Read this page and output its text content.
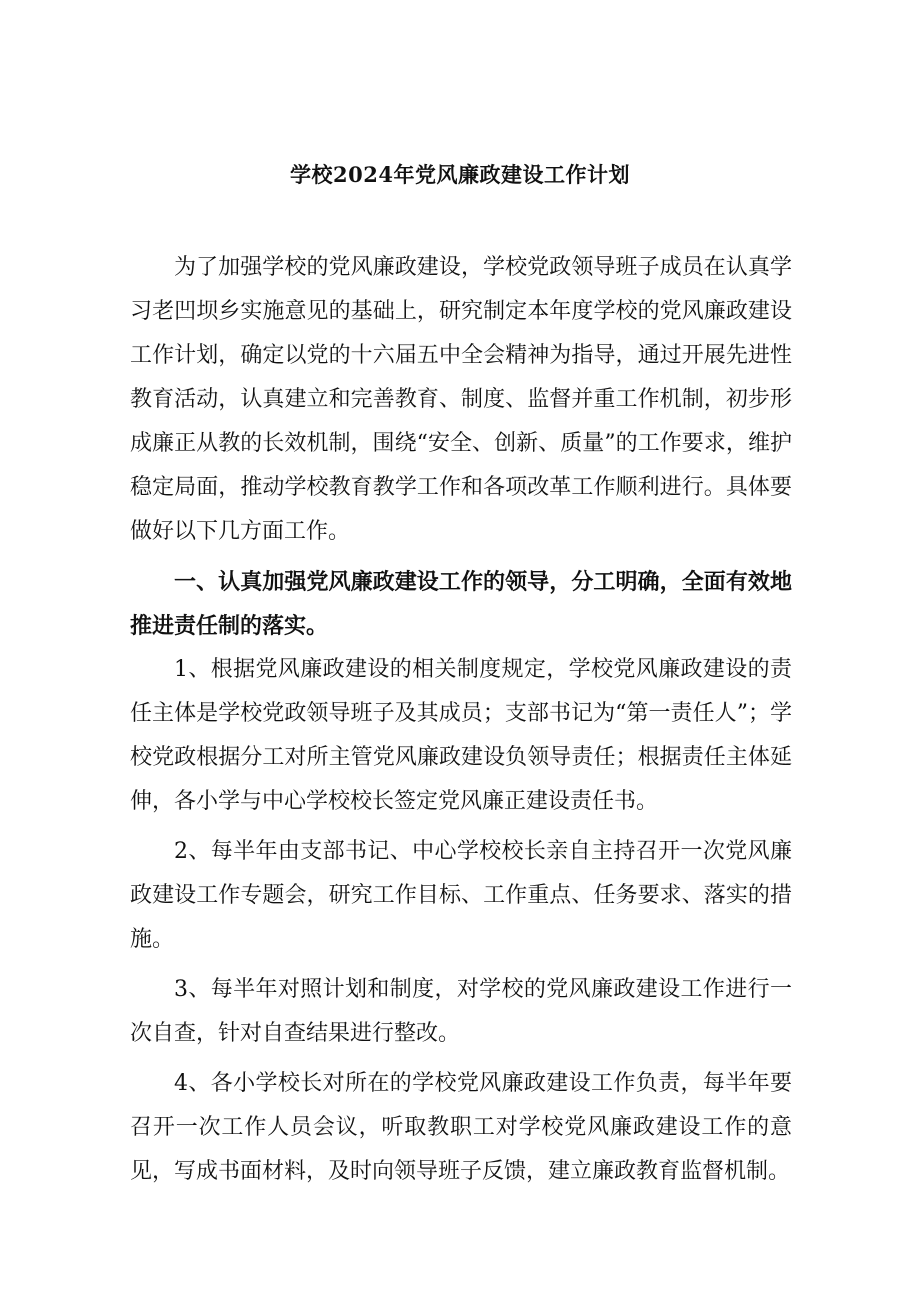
学校2024年党风廉政建设工作计划

为了加强学校的党风廉政建设，学校党政领导班子成员在认真学习老凹坝乡实施意见的基础上，研究制定本年度学校的党风廉政建设工作计划，确定以党的十六届五中全会精神为指导，通过开展先进性教育活动，认真建立和完善教育、制度、监督并重工作机制，初步形成廉正从教的长效机制，围绕“安全、创新、质量”的工作要求，维护稳定局面，推动学校教育教学工作和各项改革工作顺利进行。具体要做好以下几方面工作。

一、认真加强党风廉政建设工作的领导，分工明确，全面有效地推进责任制的落实。

1、根据党风廉政建设的相关制度规定，学校党风廉政建设的责任主体是学校党政领导班子及其成员；支部书记为“第一责任人”；学校党政根据分工对所主管党风廉政建设负领导责任；根据责任主体延伸，各小学与中心学校校长签定党风廉正建设责任书。

2、每半年由支部书记、中心学校校长亲自主持召开一次党风廉政建设工作专题会，研究工作目标、工作重点、任务要求、落实的措施。

3、每半年对照计划和制度，对学校的党风廉政建设工作进行一次自查，针对自查结果进行整改。

4、各小学校长对所在的学校党风廉政建设工作负责，每半年要召开一次工作人员会议，听取教职工对学校党风廉政建设工作的意见，写成书面材料，及时向领导班子反馈，建立廉政教育监督机制。
